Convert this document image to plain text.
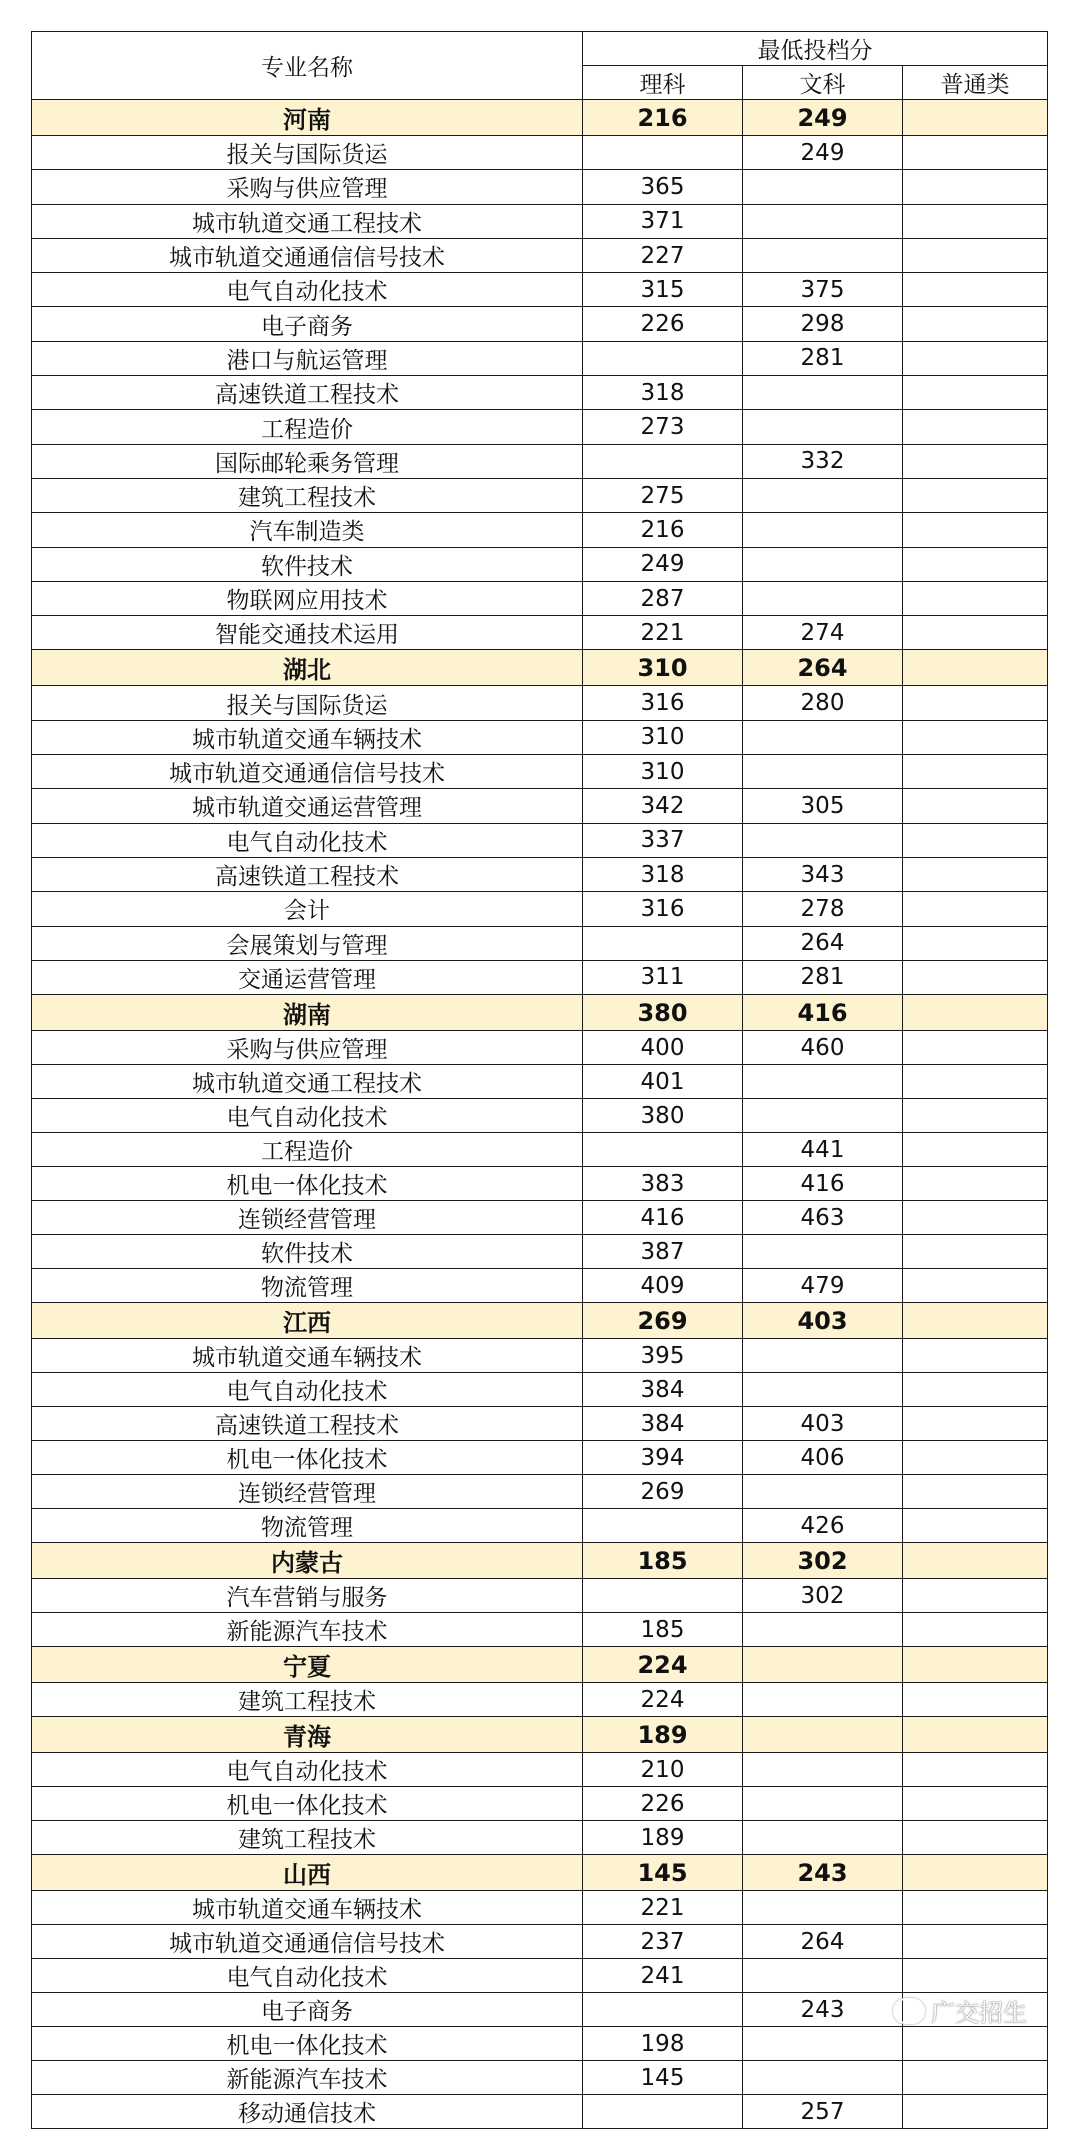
专业名称	最低投档分		
	理科	文科	普通类
河南	216	249	
报关与国际货运		249	
采购与供应管理	365		
城市轨道交通工程技术	371		
城市轨道交通通信信号技术	227		
电气自动化技术	315	375	
电子商务	226	298	
港口与航运管理		281	
高速铁道工程技术	318		
工程造价	273		
国际邮轮乘务管理		332	
建筑工程技术	275		
汽车制造类	216		
软件技术	249		
物联网应用技术	287		
智能交通技术运用	221	274	
湖北	310	264	
报关与国际货运	316	280	
城市轨道交通车辆技术	310		
城市轨道交通通信信号技术	310		
城市轨道交通运营管理	342	305	
电气自动化技术	337		
高速铁道工程技术	318	343	
会计	316	278	
会展策划与管理		264	
交通运营管理	311	281	
湖南	380	416	
采购与供应管理	400	460	
城市轨道交通工程技术	401		
电气自动化技术	380		
工程造价		441	
机电一体化技术	383	416	
连锁经营管理	416	463	
软件技术	387		
物流管理	409	479	
江西	269	403	
城市轨道交通车辆技术	395		
电气自动化技术	384		
高速铁道工程技术	384	403	
机电一体化技术	394	406	
连锁经营管理	269		
物流管理		426	
内蒙古	185	302	
汽车营销与服务		302	
新能源汽车技术	185		
宁夏	224		
建筑工程技术	224		
青海	189		
电气自动化技术	210		
机电一体化技术	226		
建筑工程技术	189		
山西	145	243	
城市轨道交通车辆技术	221		
城市轨道交通通信信号技术	237	264	
电气自动化技术	241		
电子商务		243	
机电一体化技术	198		
新能源汽车技术	145		
移动通信技术		257	
广交招生
